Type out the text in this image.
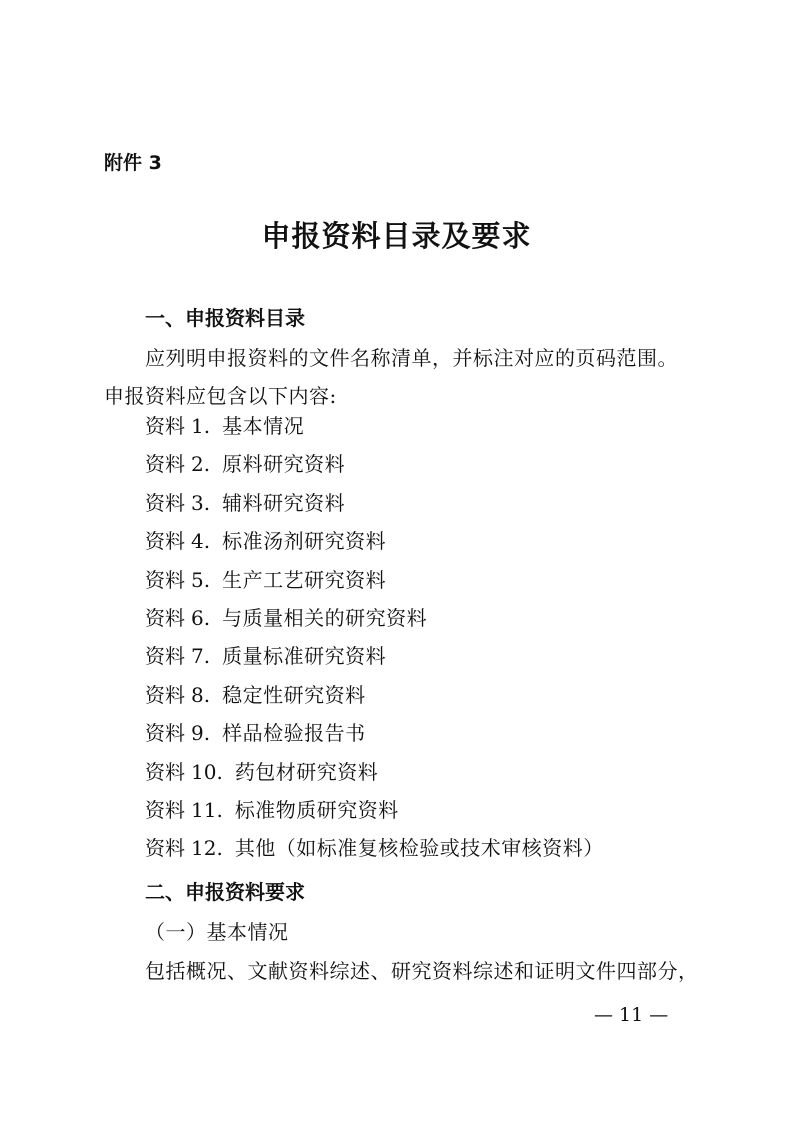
附件 3
申报资料目录及要求
一、申报资料目录
应列明申报资料的文件名称清单，并标注对应的页码范围。
申报资料应包含以下内容:
资料 1. 基本情况
资料 2. 原料研究资料
资料 3. 辅料研究资料
资料 4. 标准汤剂研究资料
资料 5. 生产工艺研究资料
资料 6. 与质量相关的研究资料
资料 7. 质量标准研究资料
资料 8. 稳定性研究资料
资料 9. 样品检验报告书
资料 10. 药包材研究资料
资料 11. 标准物质研究资料
资料 12. 其他（如标准复核检验或技术审核资料）
二、申报资料要求
（一）基本情况
包括概况、文献资料综述、研究资料综述和证明文件四部分，
— 11 —
